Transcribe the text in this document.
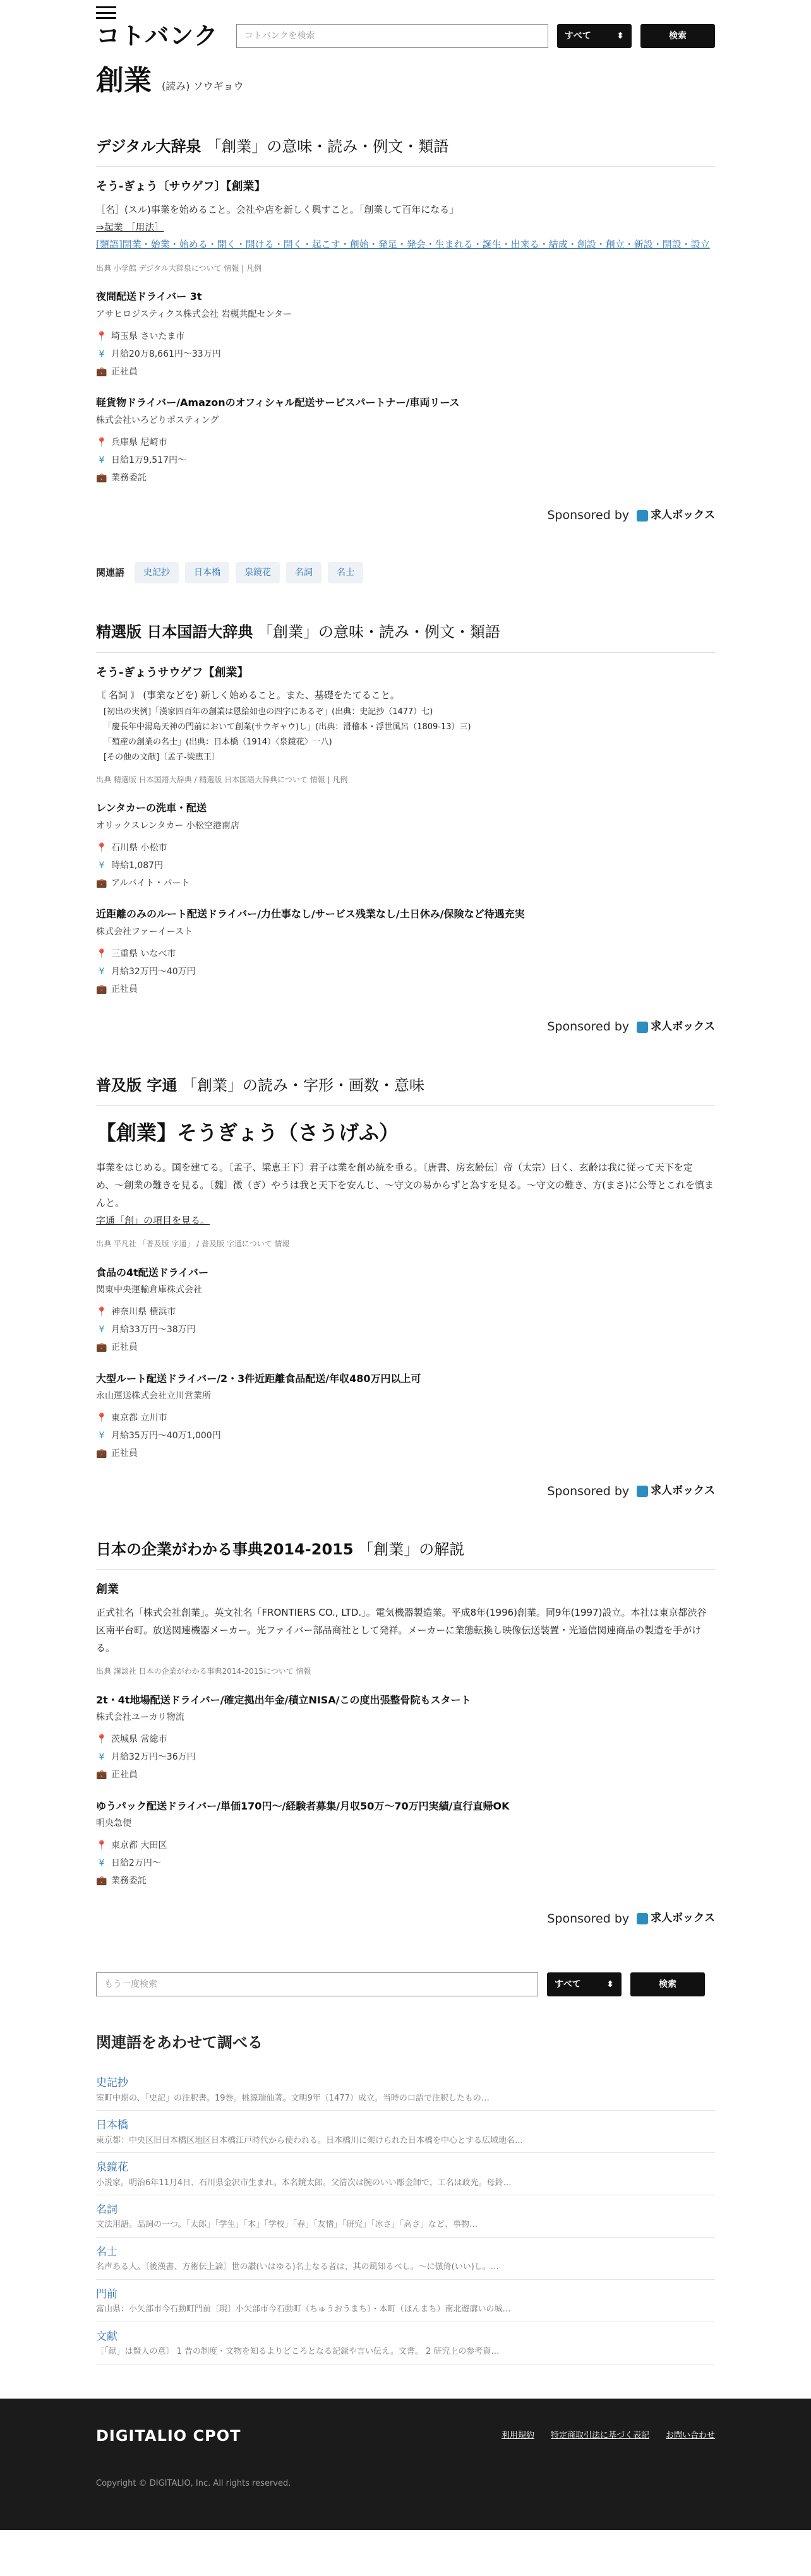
コトバンク	コトバンクを検索	すべて	⬍	検索
創業 (読み) ソウギョウ
デジタル大辞泉 「創業」の意味・読み・例文・類語
そう‐ぎょう〔サウゲフ〕【創業】
［名］(スル)事業を始めること。会社や店を新しく興すこと。「創業して百年になる」
⇒起業 ［用法］
[類語]開業・始業・始める・開く・開ける・開く・起こす・創始・発足・発会・生まれる・誕生・出来る・結成・創設・創立・新設・開設・設立
出典 小学館 デジタル大辞泉について 情報 | 凡例
夜間配送ドライバー 3t
アサヒロジスティクス株式会社 岩槻共配センター
📍 埼玉県 さいたま市
¥ 月給20万8,661円〜33万円
💼 正社員
軽貨物ドライバー/Amazonのオフィシャル配送サービスパートナー/車両リース
株式会社いろどりポスティング
📍 兵庫県 尼崎市
¥ 日給1万9,517円〜
💼 業務委託
Sponsored by 求人ボックス
関連語	史記抄	日本橋	泉鏡花	名詞	名士
精選版 日本国語大辞典 「創業」の意味・読み・例文・類語
そう‐ぎょうサウゲフ【創業】
〘 名詞 〙 (事業などを) 新しく始めること。また、基礎をたてること。
[初出の実例]「漢家四百年の創業は恩給如也の四字にあるぞ」(出典：史記抄（1477）七)
「慶長年中湯島天神の門前において創業(サウギャウ)し」(出典：滑稽本・浮世風呂（1809‐13）三)
「殖産の創業の名士」(出典：日本橋（1914）〈泉鏡花〉一八)
[その他の文献]〔孟子‐梁恵王〕
出典 精選版 日本国語大辞典 / 精選版 日本国語大辞典について 情報 | 凡例
レンタカーの洗車・配送
オリックスレンタカー 小松空港南店
📍 石川県 小松市
¥ 時給1,087円
💼 アルバイト・パート
近距離のみのルート配送ドライバー/力仕事なし/サービス残業なし/土日休み/保険など待遇充実
株式会社ファーイースト
📍 三重県 いなべ市
¥ 月給32万円〜40万円
💼 正社員
Sponsored by 求人ボックス
普及版 字通 「創業」の読み・字形・画数・意味
【創業】そうぎょう（さうげふ）
事業をはじめる。国を建てる。〔孟子、梁恵王下〕君子は業を創め統を垂る。〔唐書、房玄齢伝〕帝（太宗）曰く、玄齢は我に従って天下を定め、〜創業の難きを見る。〔魏〕徴（ぎ）やうは我と天下を安んじ、〜守文の易からずと為すを見る。〜守文の難き、方(まさ)に公等とこれを慎まんと。
字通「創」の項目を見る。
出典 平凡社 「普及版 字通」 / 普及版 字通について 情報
食品の4t配送ドライバー
関東中央運輸倉庫株式会社
📍 神奈川県 横浜市
¥ 月給33万円〜38万円
💼 正社員
大型ルート配送ドライバー/2・3件近距離食品配送/年収480万円以上可
永山運送株式会社立川営業所
📍 東京都 立川市
¥ 月給35万円〜40万1,000円
💼 正社員
Sponsored by 求人ボックス
日本の企業がわかる事典2014-2015 「創業」の解説
創業
正式社名「株式会社創業」。英文社名「FRONTIERS CO., LTD.」。電気機器製造業。平成8年(1996)創業。同9年(1997)設立。本社は東京都渋谷区南平台町。放送関連機器メーカー。光ファイバー部品商社として発祥。メーカーに業態転換し映像伝送装置・光通信関連商品の製造を手がける。
出典 講談社 日本の企業がわかる事典2014-2015について 情報
2t・4t地場配送ドライバー/確定拠出年金/積立NISA/この度出張整骨院もスタート
株式会社ユーカリ物流
📍 茨城県 常総市
¥ 月給32万円〜36万円
💼 正社員
ゆうパック配送ドライバー/単価170円〜/経験者募集/月収50万〜70万円実績/直行直帰OK
明央急便
📍 東京都 大田区
¥ 日給2万円〜
💼 業務委託
Sponsored by 求人ボックス
もう一度検索	すべて	⬍	検索
関連語をあわせて調べる
史記抄
室町中期の、「史記」の注釈書。19巻。桃源瑞仙著。文明9年（1477）成立。当時の口語で注釈したもの…
日本橋
東京都：中央区旧日本橋区地区日本橋江戸時代から使われる。日本橋川に架けられた日本橋を中心とする広域地名…
泉鏡花
小説家。明治6年11月4日、石川県金沢市生まれ。本名鏡太郎。父清次は腕のいい彫金師で、工名は政光。母鈴…
名詞
文法用語。品詞の一つ。「太郎」「学生」「本」「学校」「春」「友情」「研究」「冰さ」「高さ」など、事物…
名士
名声ある人。〔後漢書、方術伝上論〕世の讃(いはゆる)名士なる者は、其の風知るべし。〜に倣倚(いい)し。…
門前
富山県：小矢部市今石動町門前〔現〕小矢部市今石動町（ちゅうおうまち）・本町（ほんまち）南北遊廓いの城…
文献
〔「献」は賢人の意〕 1 昔の制度・文物を知るよりどころとなる記録や言い伝え。文書。 2 研究上の参考資…
DIGITALIO CPOT	利用規約 特定商取引法に基づく表記 お問い合わせ
Copyright © DIGITALIO, Inc. All rights reserved.
